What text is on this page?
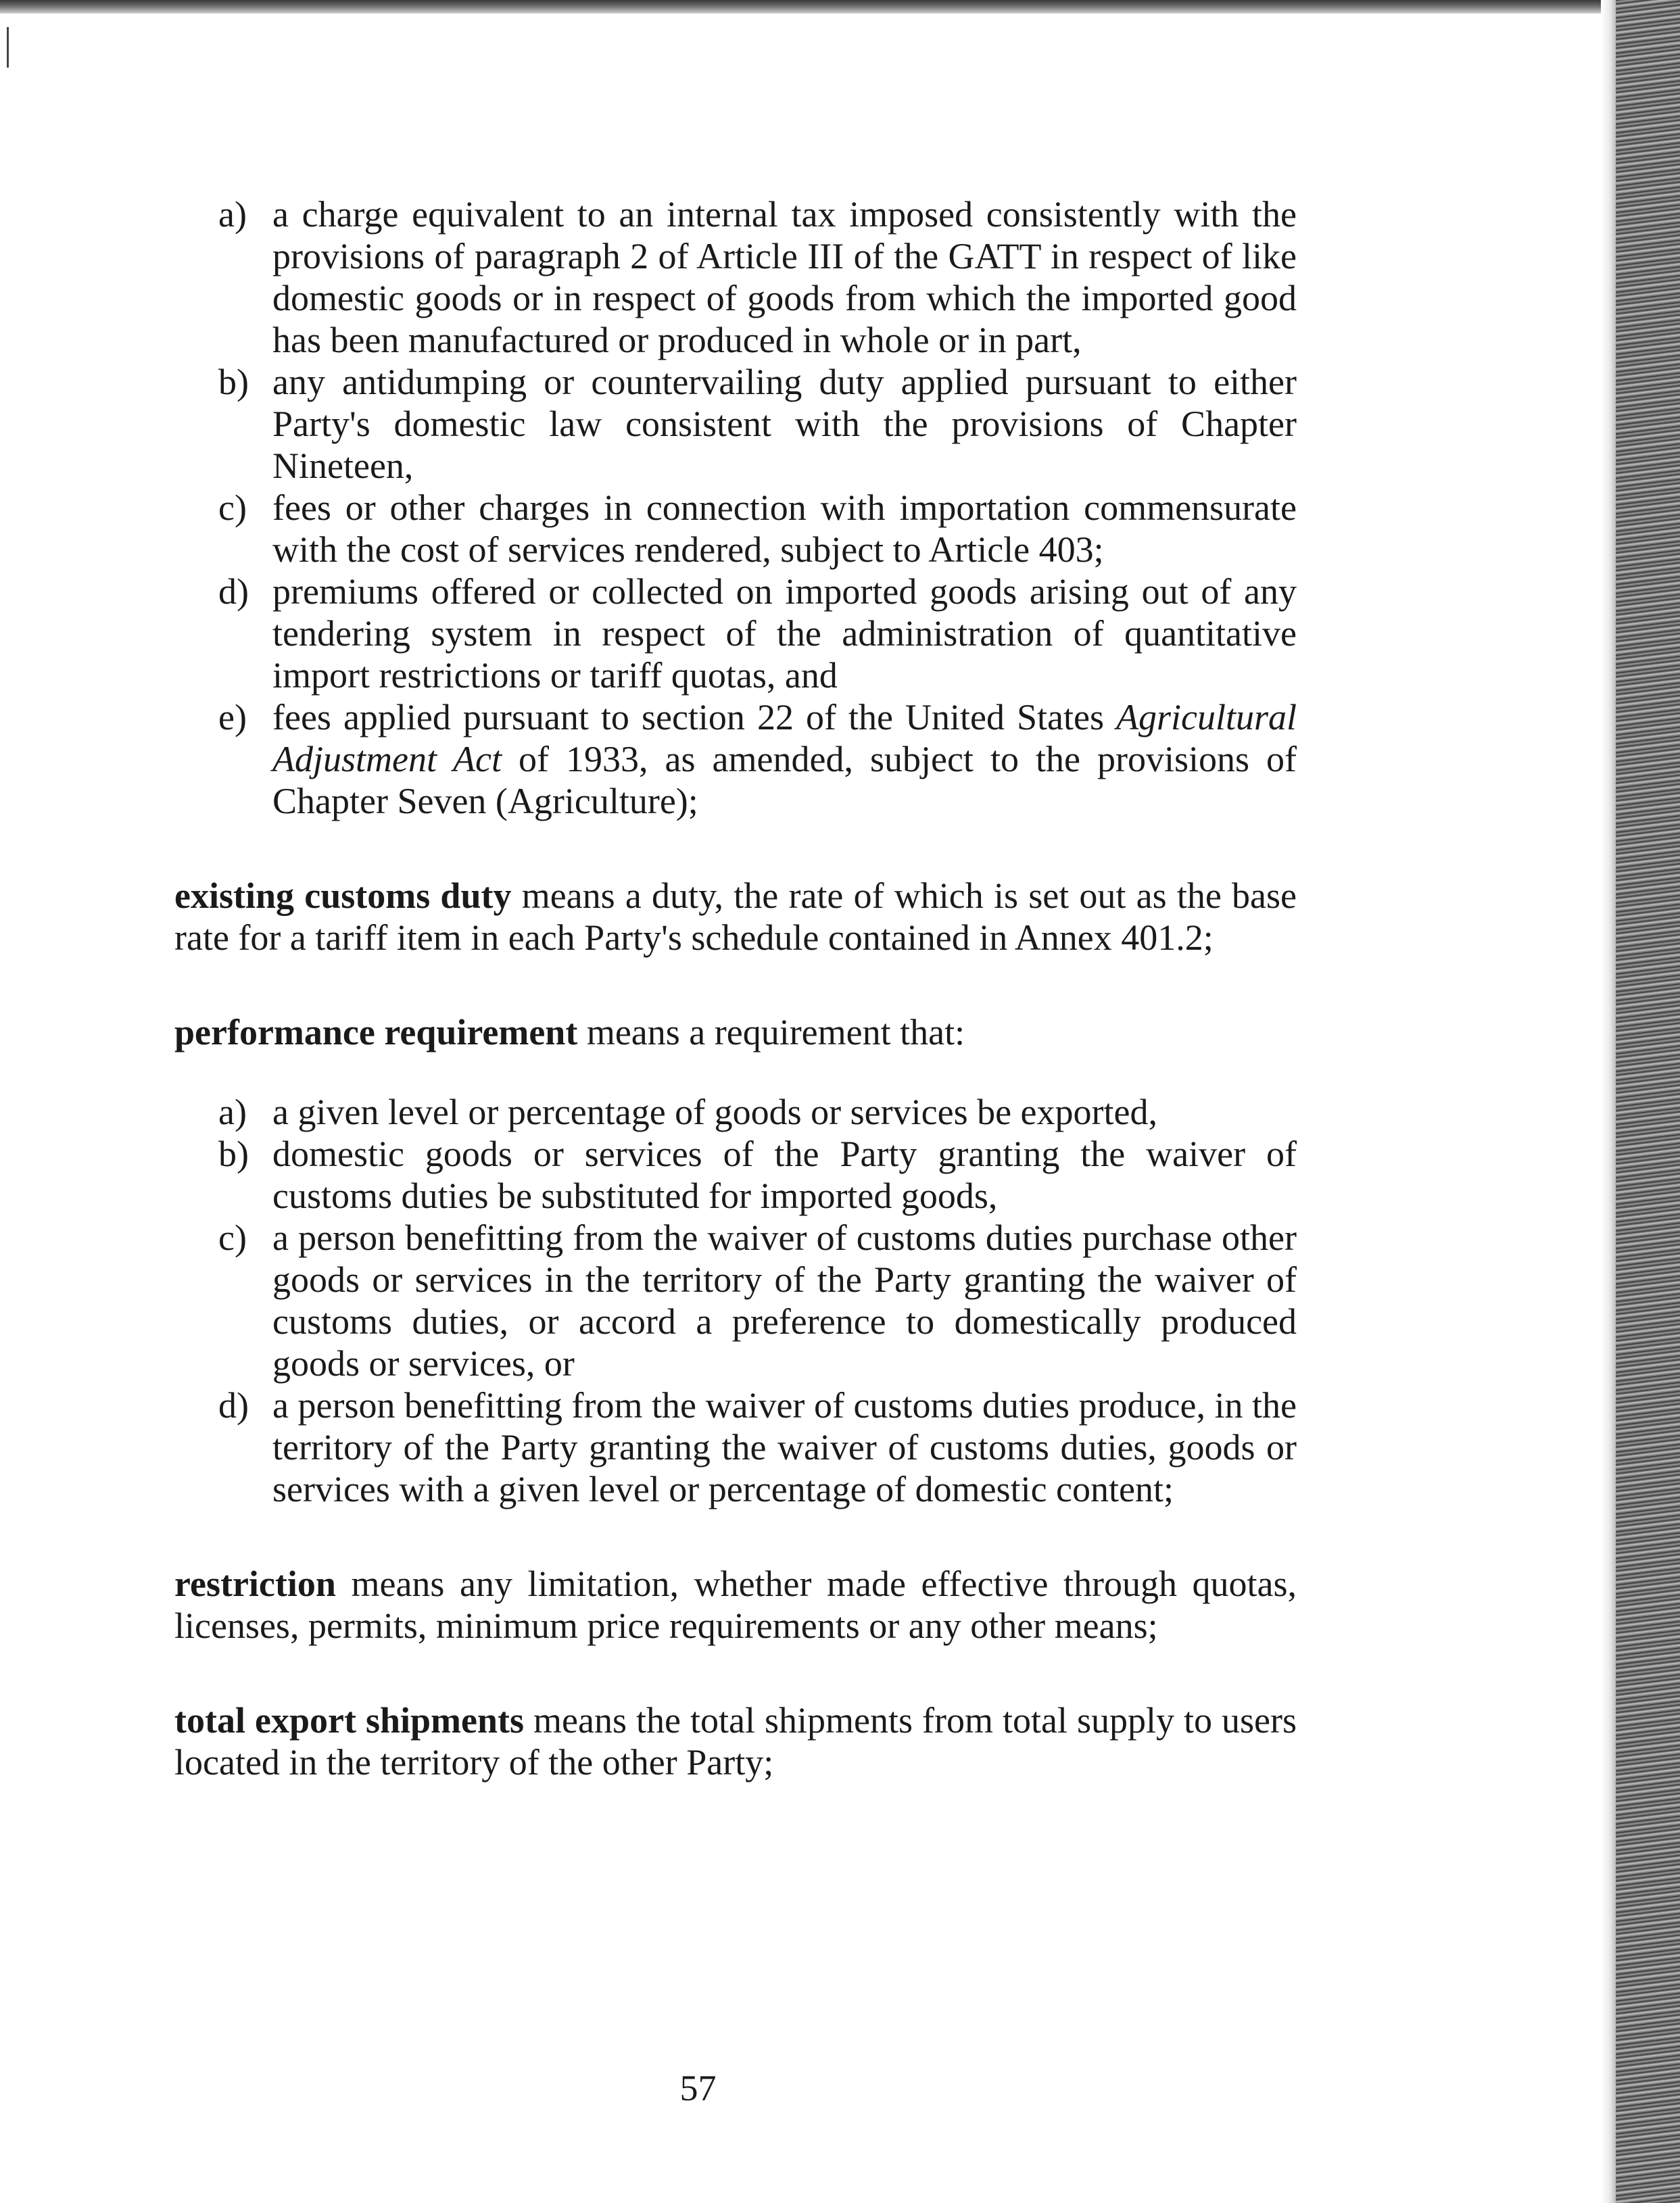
a) a charge equivalent to an internal tax imposed consistently with the provisions of paragraph 2 of Article III of the GATT in respect of like domestic goods or in respect of goods from which the imported good has been manufactured or produced in whole or in part,
b) any antidumping or countervailing duty applied pursuant to either Party's domestic law consistent with the provisions of Chapter Nineteen,
c) fees or other charges in connection with importation commensurate with the cost of services rendered, subject to Article 403;
d) premiums offered or collected on imported goods arising out of any tendering system in respect of the administration of quantitative import restrictions or tariff quotas, and
e) fees applied pursuant to section 22 of the United States Agricultural Adjustment Act of 1933, as amended, subject to the provisions of Chapter Seven (Agriculture);

existing customs duty means a duty, the rate of which is set out as the base rate for a tariff item in each Party's schedule contained in Annex 401.2;

performance requirement means a requirement that:

a) a given level or percentage of goods or services be exported,
b) domestic goods or services of the Party granting the waiver of customs duties be substituted for imported goods,
c) a person benefitting from the waiver of customs duties purchase other goods or services in the territory of the Party granting the waiver of customs duties, or accord a preference to domestically produced goods or services, or
d) a person benefitting from the waiver of customs duties produce, in the territory of the Party granting the waiver of customs duties, goods or services with a given level or percentage of domestic content;

restriction means any limitation, whether made effective through quotas, licenses, permits, minimum price requirements or any other means;

total export shipments means the total shipments from total supply to users located in the territory of the other Party;

57
